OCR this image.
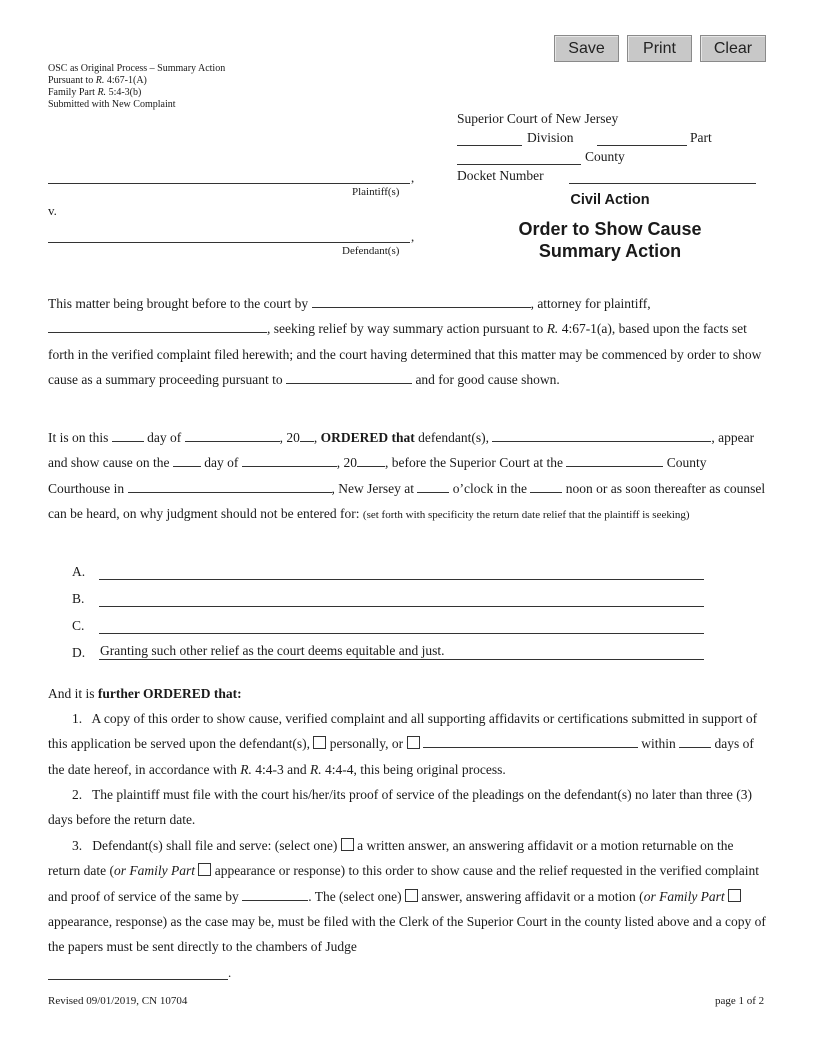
Save	Print	Clear
OSC as Original Process – Summary Action
Pursuant to R. 4:67-1(A)
Family Part R. 5:4-3(b)
Submitted with New Complaint
Superior Court of New Jersey
Division	Part
County
Docket Number
,
Plaintiff(s)
v.
,
Defendant(s)
Civil Action
Order to Show Cause
Summary Action

This matter being brought before to the court by	, attorney for plaintiff, , seeking relief by way summary action pursuant to R. 4:67-1(a), based upon the facts set forth in the verified complaint filed herewith; and the court having determined that this matter may be commenced by order to show cause as a summary proceeding pursuant to	and for good cause shown.

It is on this	day of	, 20 , ORDERED that defendant(s),	, appear and show cause on the	day of	, 20 , before the Superior Court at the	County Courthouse in	, New Jersey at	o’clock in the	noon or as soon thereafter as counsel can be heard, on why judgment should not be entered for: (set forth with specificity the return date relief that the plaintiff is seeking)

A.
B.
C.
D. Granting such other relief as the court deems equitable and just.
And it is further ORDERED that:

1. A copy of this order to show cause, verified complaint and all supporting affidavits or certifications submitted in support of this application be served upon the defendant(s), personally, or	within	days of the date hereof, in accordance with R. 4:4-3 and R. 4:4-4, this being original process.

2. The plaintiff must file with the court his/her/its proof of service of the pleadings on the defendant(s) no later than three (3) days before the return date.

3. Defendant(s) shall file and serve: (select one) a written answer, an answering affidavit or a motion returnable on the return date (or Family Part appearance or response) to this order to show cause and the relief requested in the verified complaint and proof of service of the same by	. The (select one) answer, answering affidavit or a motion (or Family Part  appearance, response) as the case may be, must be filed with the Clerk of the Superior Court in the county listed above and a copy of the papers must be sent directly to the chambers of Judge

.
Revised 09/01/2019, CN 10704	page 1 of 2
